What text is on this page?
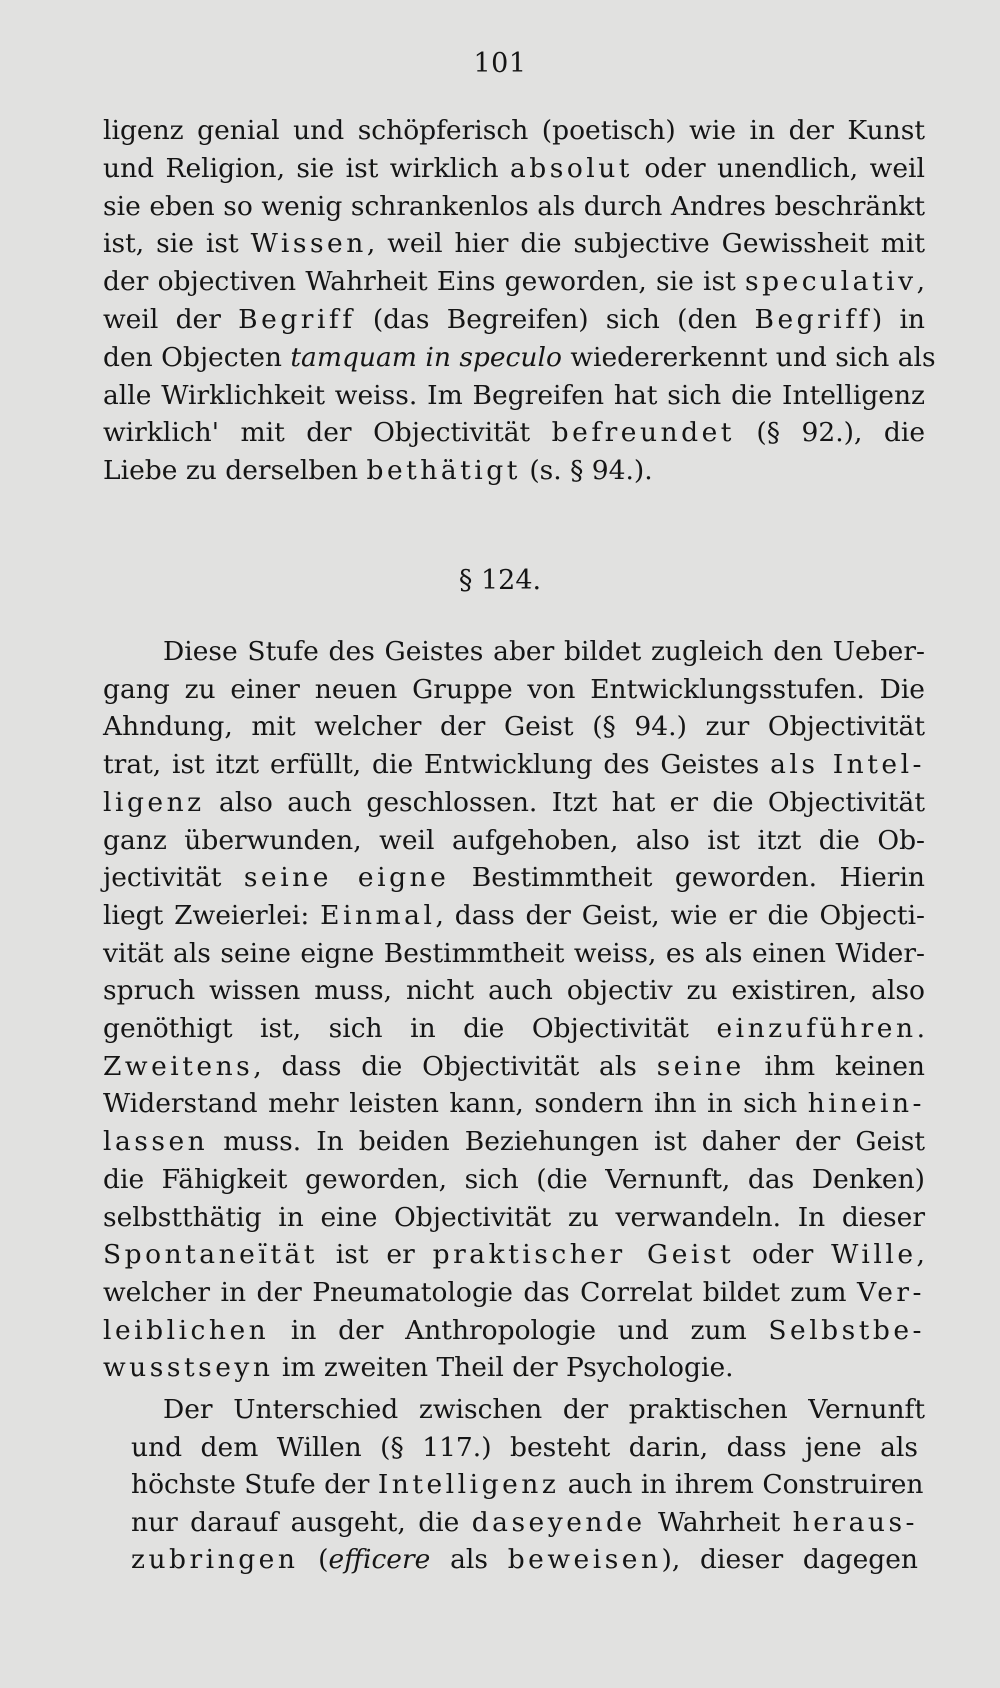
101
ligenz genial und schöpferisch (poetisch) wie in der Kunst
und Religion, sie ist wirklich absolut oder unendlich, weil
sie eben so wenig schrankenlos als durch Andres beschränkt
ist, sie ist Wissen, weil hier die subjective Gewissheit mit
der objectiven Wahrheit Eins geworden, sie ist speculativ,
weil der Begriff (das Begreifen) sich (den Begriff) in
den Objecten tamquam in speculo wiedererkennt und sich als
alle Wirklichkeit weiss. Im Begreifen hat sich die Intelligenz
wirklich' mit der Objectivität befreundet (§ 92.), die
Liebe zu derselben bethätigt (s. § 94.).
§ 124.
Diese Stufe des Geistes aber bildet zugleich den Ueber-
gang zu einer neuen Gruppe von Entwicklungsstufen. Die
Ahndung, mit welcher der Geist (§ 94.) zur Objectivität
trat, ist itzt erfüllt, die Entwicklung des Geistes als Intel-
ligenz also auch geschlossen. Itzt hat er die Objectivität
ganz überwunden, weil aufgehoben, also ist itzt die Ob-
jectivität seine eigne Bestimmtheit geworden. Hierin
liegt Zweierlei: Einmal, dass der Geist, wie er die Objecti-
vität als seine eigne Bestimmtheit weiss, es als einen Wider-
spruch wissen muss, nicht auch objectiv zu existiren, also
genöthigt ist, sich in die Objectivität einzuführen.
Zweitens, dass die Objectivität als seine ihm keinen
Widerstand mehr leisten kann, sondern ihn in sich hinein-
lassen muss. In beiden Beziehungen ist daher der Geist
die Fähigkeit geworden, sich (die Vernunft, das Denken)
selbstthätig in eine Objectivität zu verwandeln. In dieser
Spontaneïtät ist er praktischer Geist oder Wille,
welcher in der Pneumatologie das Correlat bildet zum Ver-
leiblichen in der Anthropologie und zum Selbstbe-
wusstseyn im zweiten Theil der Psychologie.
Der Unterschied zwischen der praktischen Vernunft
und dem Willen (§ 117.) besteht darin, dass jene als
höchste Stufe der Intelligenz auch in ihrem Construiren
nur darauf ausgeht, die daseyende Wahrheit heraus-
zubringen (efficere als beweisen), dieser dagegen
